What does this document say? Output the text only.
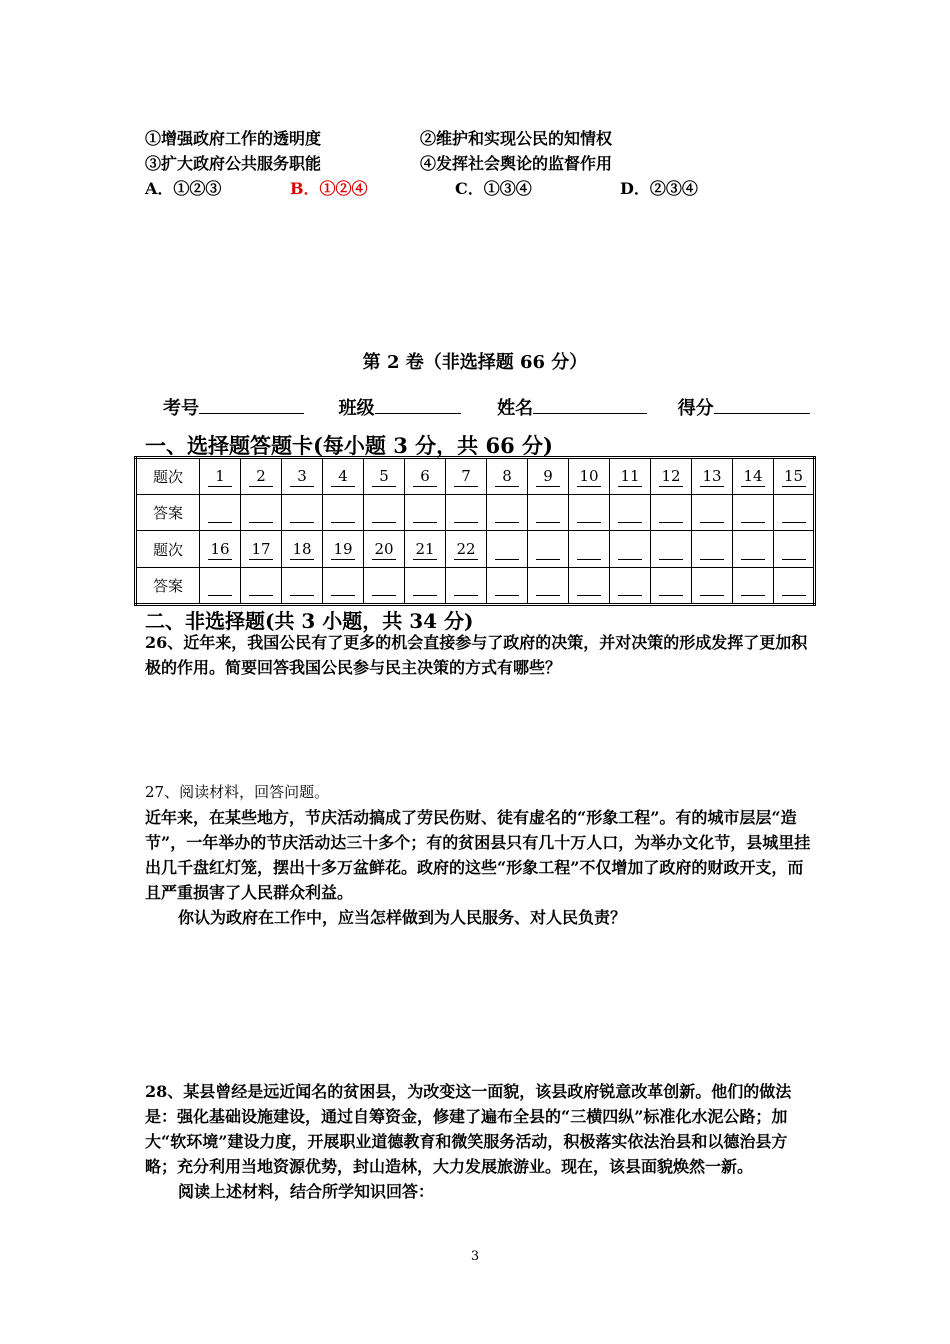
①增强政府工作的透明度	②维护和实现公民的知情权
③扩大政府公共服务职能	④发挥社会舆论的监督作用
A．①②③	B．①②④	C．①③④	D．②③④
第 2 卷（非选择题 66 分）
考号	班级	姓名	得分
一、选择题答题卡(每小题 3 分，共 66 分)
题次	1	2	3	4	5	6	7	8	9	10	11	12	13	14	15
答案															
题次	16	17	18	19	20	21	22								
答案															
二、非选择题(共 3 小题，共 34 分)
26、近年来，我国公民有了更多的机会直接参与了政府的决策，并对决策的形成发挥了更加积极的作用。简要回答我国公民参与民主决策的方式有哪些？
27、阅读材料，回答问题。
近年来，在某些地方，节庆活动搞成了劳民伤财、徒有虚名的“形象工程”。有的城市层层“造节”，一年举办的节庆活动达三十多个；有的贫困县只有几十万人口，为举办文化节，县城里挂出几千盘红灯笼，摆出十多万盆鲜花。政府的这些“形象工程”不仅增加了政府的财政开支，而且严重损害了人民群众利益。
你认为政府在工作中，应当怎样做到为人民服务、对人民负责？
28、某县曾经是远近闻名的贫困县，为改变这一面貌，该县政府锐意改革创新。他们的做法是：强化基础设施建设，通过自筹资金，修建了遍布全县的“三横四纵”标准化水泥公路；加大“软环境”建设力度，开展职业道德教育和微笑服务活动，积极落实依法治县和以德治县方略；充分利用当地资源优势，封山造林，大力发展旅游业。现在，该县面貌焕然一新。
阅读上述材料，结合所学知识回答：
3
